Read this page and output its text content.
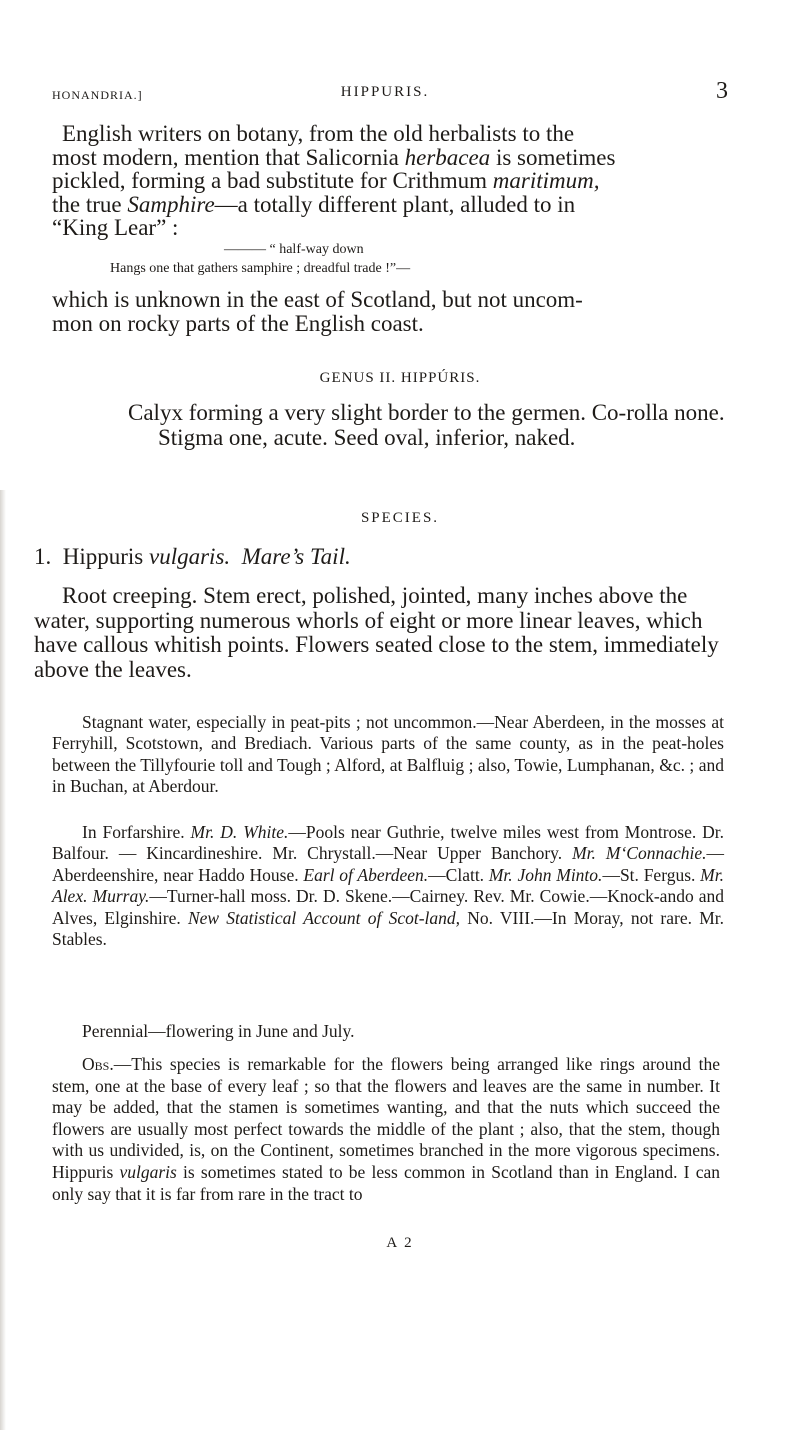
HONANDRIA.]	HIPPURIS.	3
English writers on botany, from the old herbalists to the
most modern, mention that Salicornia herbacea is sometimes
pickled, forming a bad substitute for Crithmum maritimum,
the true Samphire—a totally different plant, alluded to in
“King Lear” :
——— “ half-way down
Hangs one that gathers samphire ; dreadful trade !”—
which is unknown in the east of Scotland, but not uncom-
mon on rocky parts of the English coast.
GENUS II. HIPPÚRIS.
Calyx forming a very slight border to the germen. Co-rolla none. Stigma one, acute. Seed oval, inferior, naked.
SPECIES.
1. Hippuris vulgaris. Mare’s Tail.
Root creeping. Stem erect, polished, jointed, many inches above the water, supporting numerous whorls of eight or more linear leaves, which have callous whitish points. Flowers seated close to the stem, immediately above the leaves.
Stagnant water, especially in peat-pits ; not uncommon.—Near Aberdeen, in the mosses at Ferryhill, Scotstown, and Brediach. Various parts of the same county, as in the peat-holes between the Tillyfourie toll and Tough ; Alford, at Balfluig ; also, Towie, Lumphanan, &c. ; and in Buchan, at Aberdour.
In Forfarshire. Mr. D. White.—Pools near Guthrie, twelve miles west from Montrose. Dr. Balfour. — Kincardineshire. Mr. Chrystall.—Near Upper Banchory. Mr. M‘Connachie.— Aberdeenshire, near Haddo House. Earl of Aberdeen.—Clatt. Mr. John Minto.—St. Fergus. Mr. Alex. Murray.—Turner-hall moss. Dr. D. Skene.—Cairney. Rev. Mr. Cowie.—Knock-ando and Alves, Elginshire. New Statistical Account of Scot-land, No. VIII.—In Moray, not rare. Mr. Stables.
Perennial—flowering in June and July.
Obs.—This species is remarkable for the flowers being arranged like rings around the stem, one at the base of every leaf ; so that the flowers and leaves are the same in number. It may be added, that the stamen is sometimes wanting, and that the nuts which succeed the flowers are usually most perfect towards the middle of the plant ; also, that the stem, though with us undivided, is, on the Continent, sometimes branched in the more vigorous specimens. Hippuris vulgaris is sometimes stated to be less common in Scotland than in England. I can only say that it is far from rare in the tract to
A 2
